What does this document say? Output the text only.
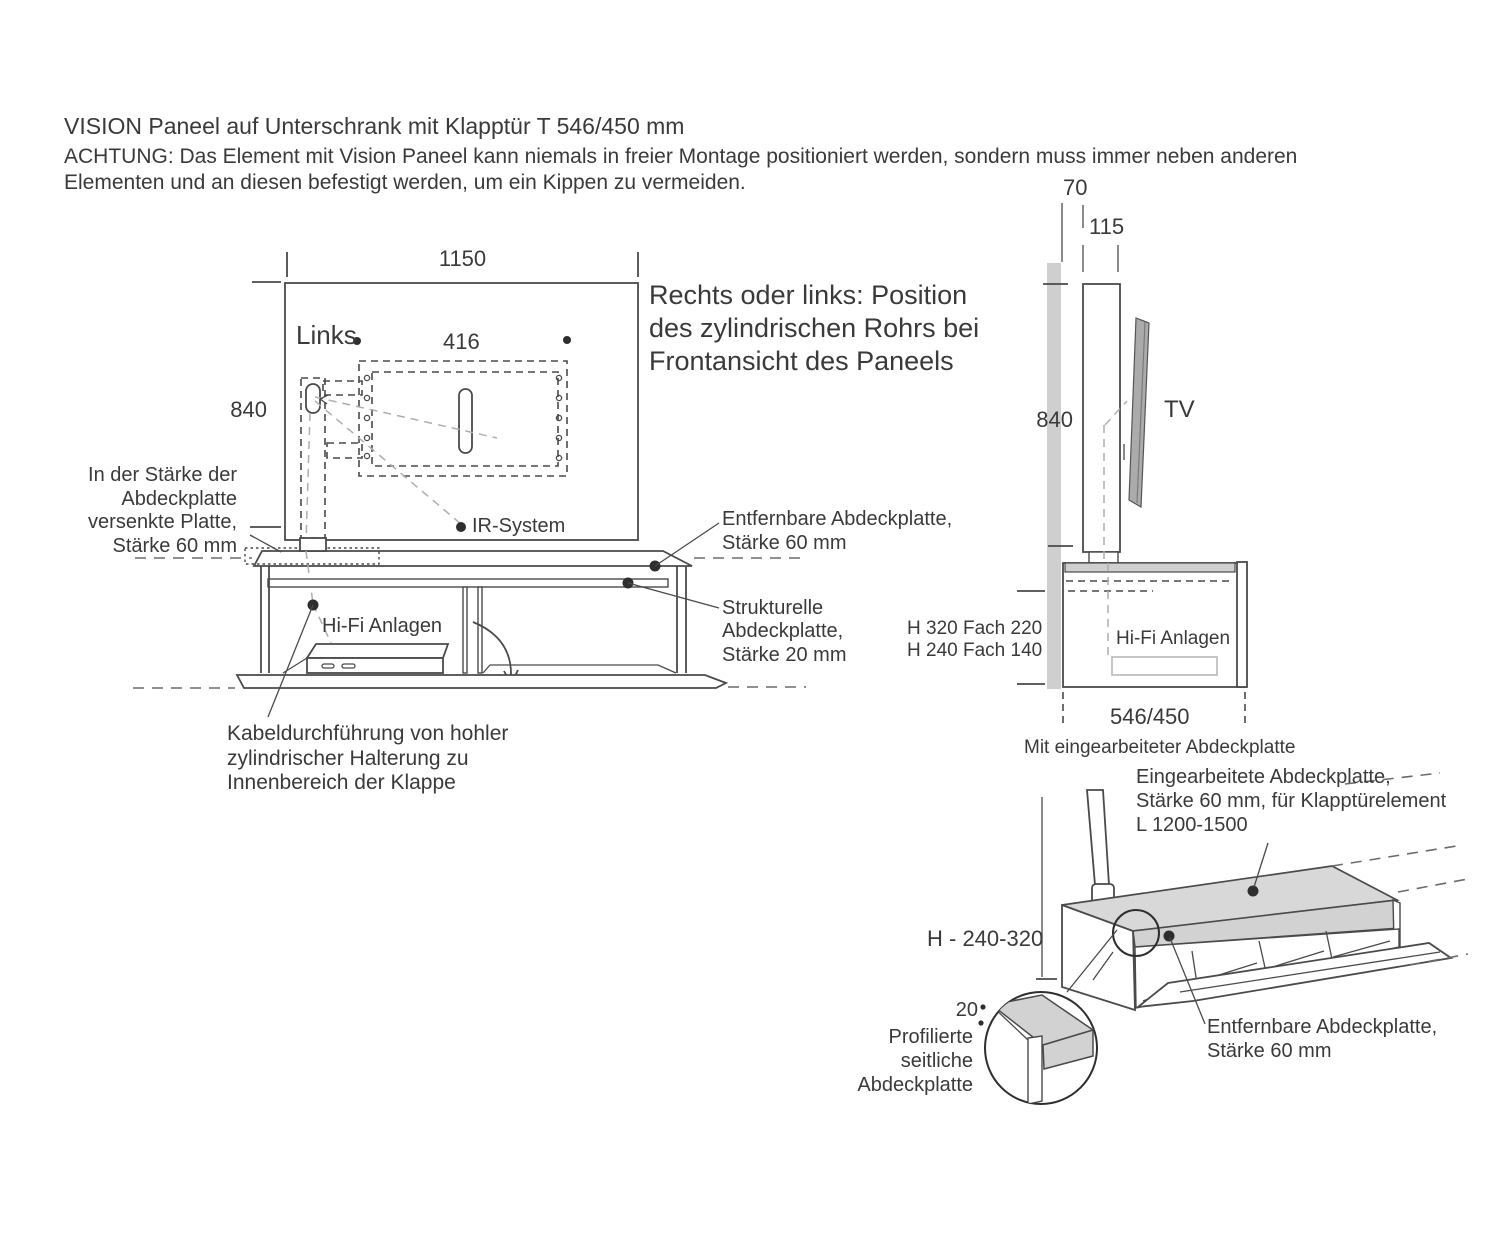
VISION Paneel auf Unterschrank mit Klapptür T 546/450 mm
ACHTUNG: Das Element mit Vision Paneel kann niemals in freier Montage positioniert werden, sondern muss immer neben anderen
Elementen und an diesen befestigt werden, um ein Kippen zu vermeiden.
1150
Links	416
840
IR-System
Rechts oder links: Position
des zylindrischen Rohrs bei
Frontansicht des Paneels
In der Stärke der
Abdeckplatte
versenkte Platte,
Stärke 60 mm
Entfernbare Abdeckplatte,
Stärke 60 mm
Strukturelle
Abdeckplatte,
Stärke 20 mm
Hi-Fi Anlagen
Kabeldurchführung von hohler
zylindrischer Halterung zu
Innenbereich der Klappe
70
115
840	TV
H 320 Fach 220
H 240 Fach 140
Hi-Fi Anlagen
546/450
Mit eingearbeiteter Abdeckplatte
Eingearbeitete Abdeckplatte,
Stärke 60 mm, für Klapptürelement
L 1200-1500
H - 240-320
20
Profilierte
seitliche
Abdeckplatte
Entfernbare Abdeckplatte,
Stärke 60 mm
